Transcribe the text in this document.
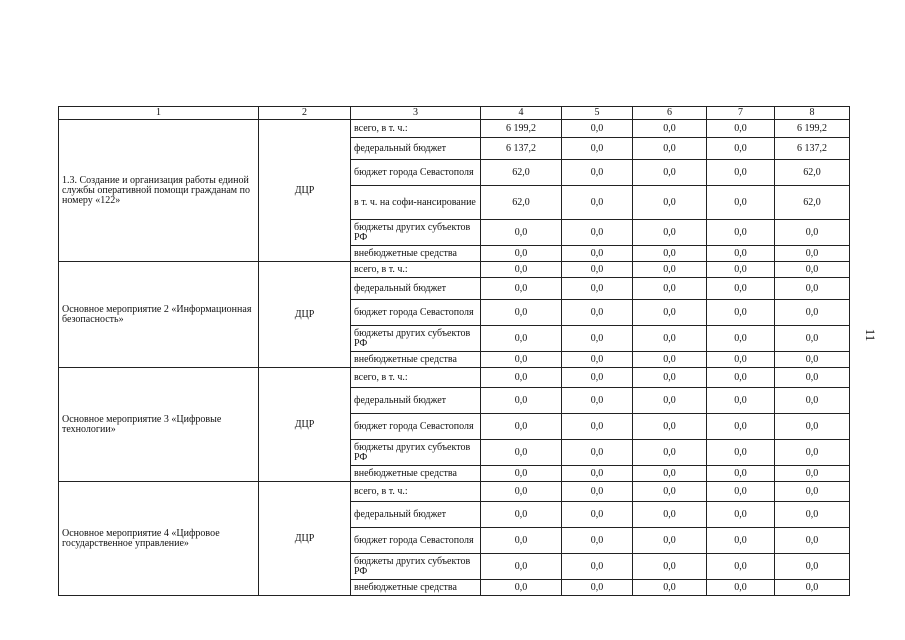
11
1	2	3	4	5	6	7	8
1.3. Создание и организация работы единой службы оперативной помощи гражданам по номеру «122»	ДЦР	всего, в т. ч.:	6 199,2	0,0	0,0	0,0	6 199,2
		федеральный бюджет	6 137,2	0,0	0,0	0,0	6 137,2
		бюджет города Севастополя	62,0	0,0	0,0	0,0	62,0
		в т. ч. на софи-нансирование	62,0	0,0	0,0	0,0	62,0
		бюджеты других субъектов РФ	0,0	0,0	0,0	0,0	0,0
		внебюджетные средства	0,0	0,0	0,0	0,0	0,0
Основное мероприятие 2 «Информационная безопасность»	ДЦР	всего, в т. ч.:	0,0	0,0	0,0	0,0	0,0
		федеральный бюджет	0,0	0,0	0,0	0,0	0,0
		бюджет города Севастополя	0,0	0,0	0,0	0,0	0,0
		бюджеты других субъектов РФ	0,0	0,0	0,0	0,0	0,0
		внебюджетные средства	0,0	0,0	0,0	0,0	0,0
Основное мероприятие 3 «Цифровые технологии»	ДЦР	всего, в т. ч.:	0,0	0,0	0,0	0,0	0,0
		федеральный бюджет	0,0	0,0	0,0	0,0	0,0
		бюджет города Севастополя	0,0	0,0	0,0	0,0	0,0
		бюджеты других субъектов РФ	0,0	0,0	0,0	0,0	0,0
		внебюджетные средства	0,0	0,0	0,0	0,0	0,0
Основное мероприятие 4 «Цифровое государственное управление»	ДЦР	всего, в т. ч.:	0,0	0,0	0,0	0,0	0,0
		федеральный бюджет	0,0	0,0	0,0	0,0	0,0
		бюджет города Севастополя	0,0	0,0	0,0	0,0	0,0
		бюджеты других субъектов РФ	0,0	0,0	0,0	0,0	0,0
		внебюджетные средства	0,0	0,0	0,0	0,0	0,0
